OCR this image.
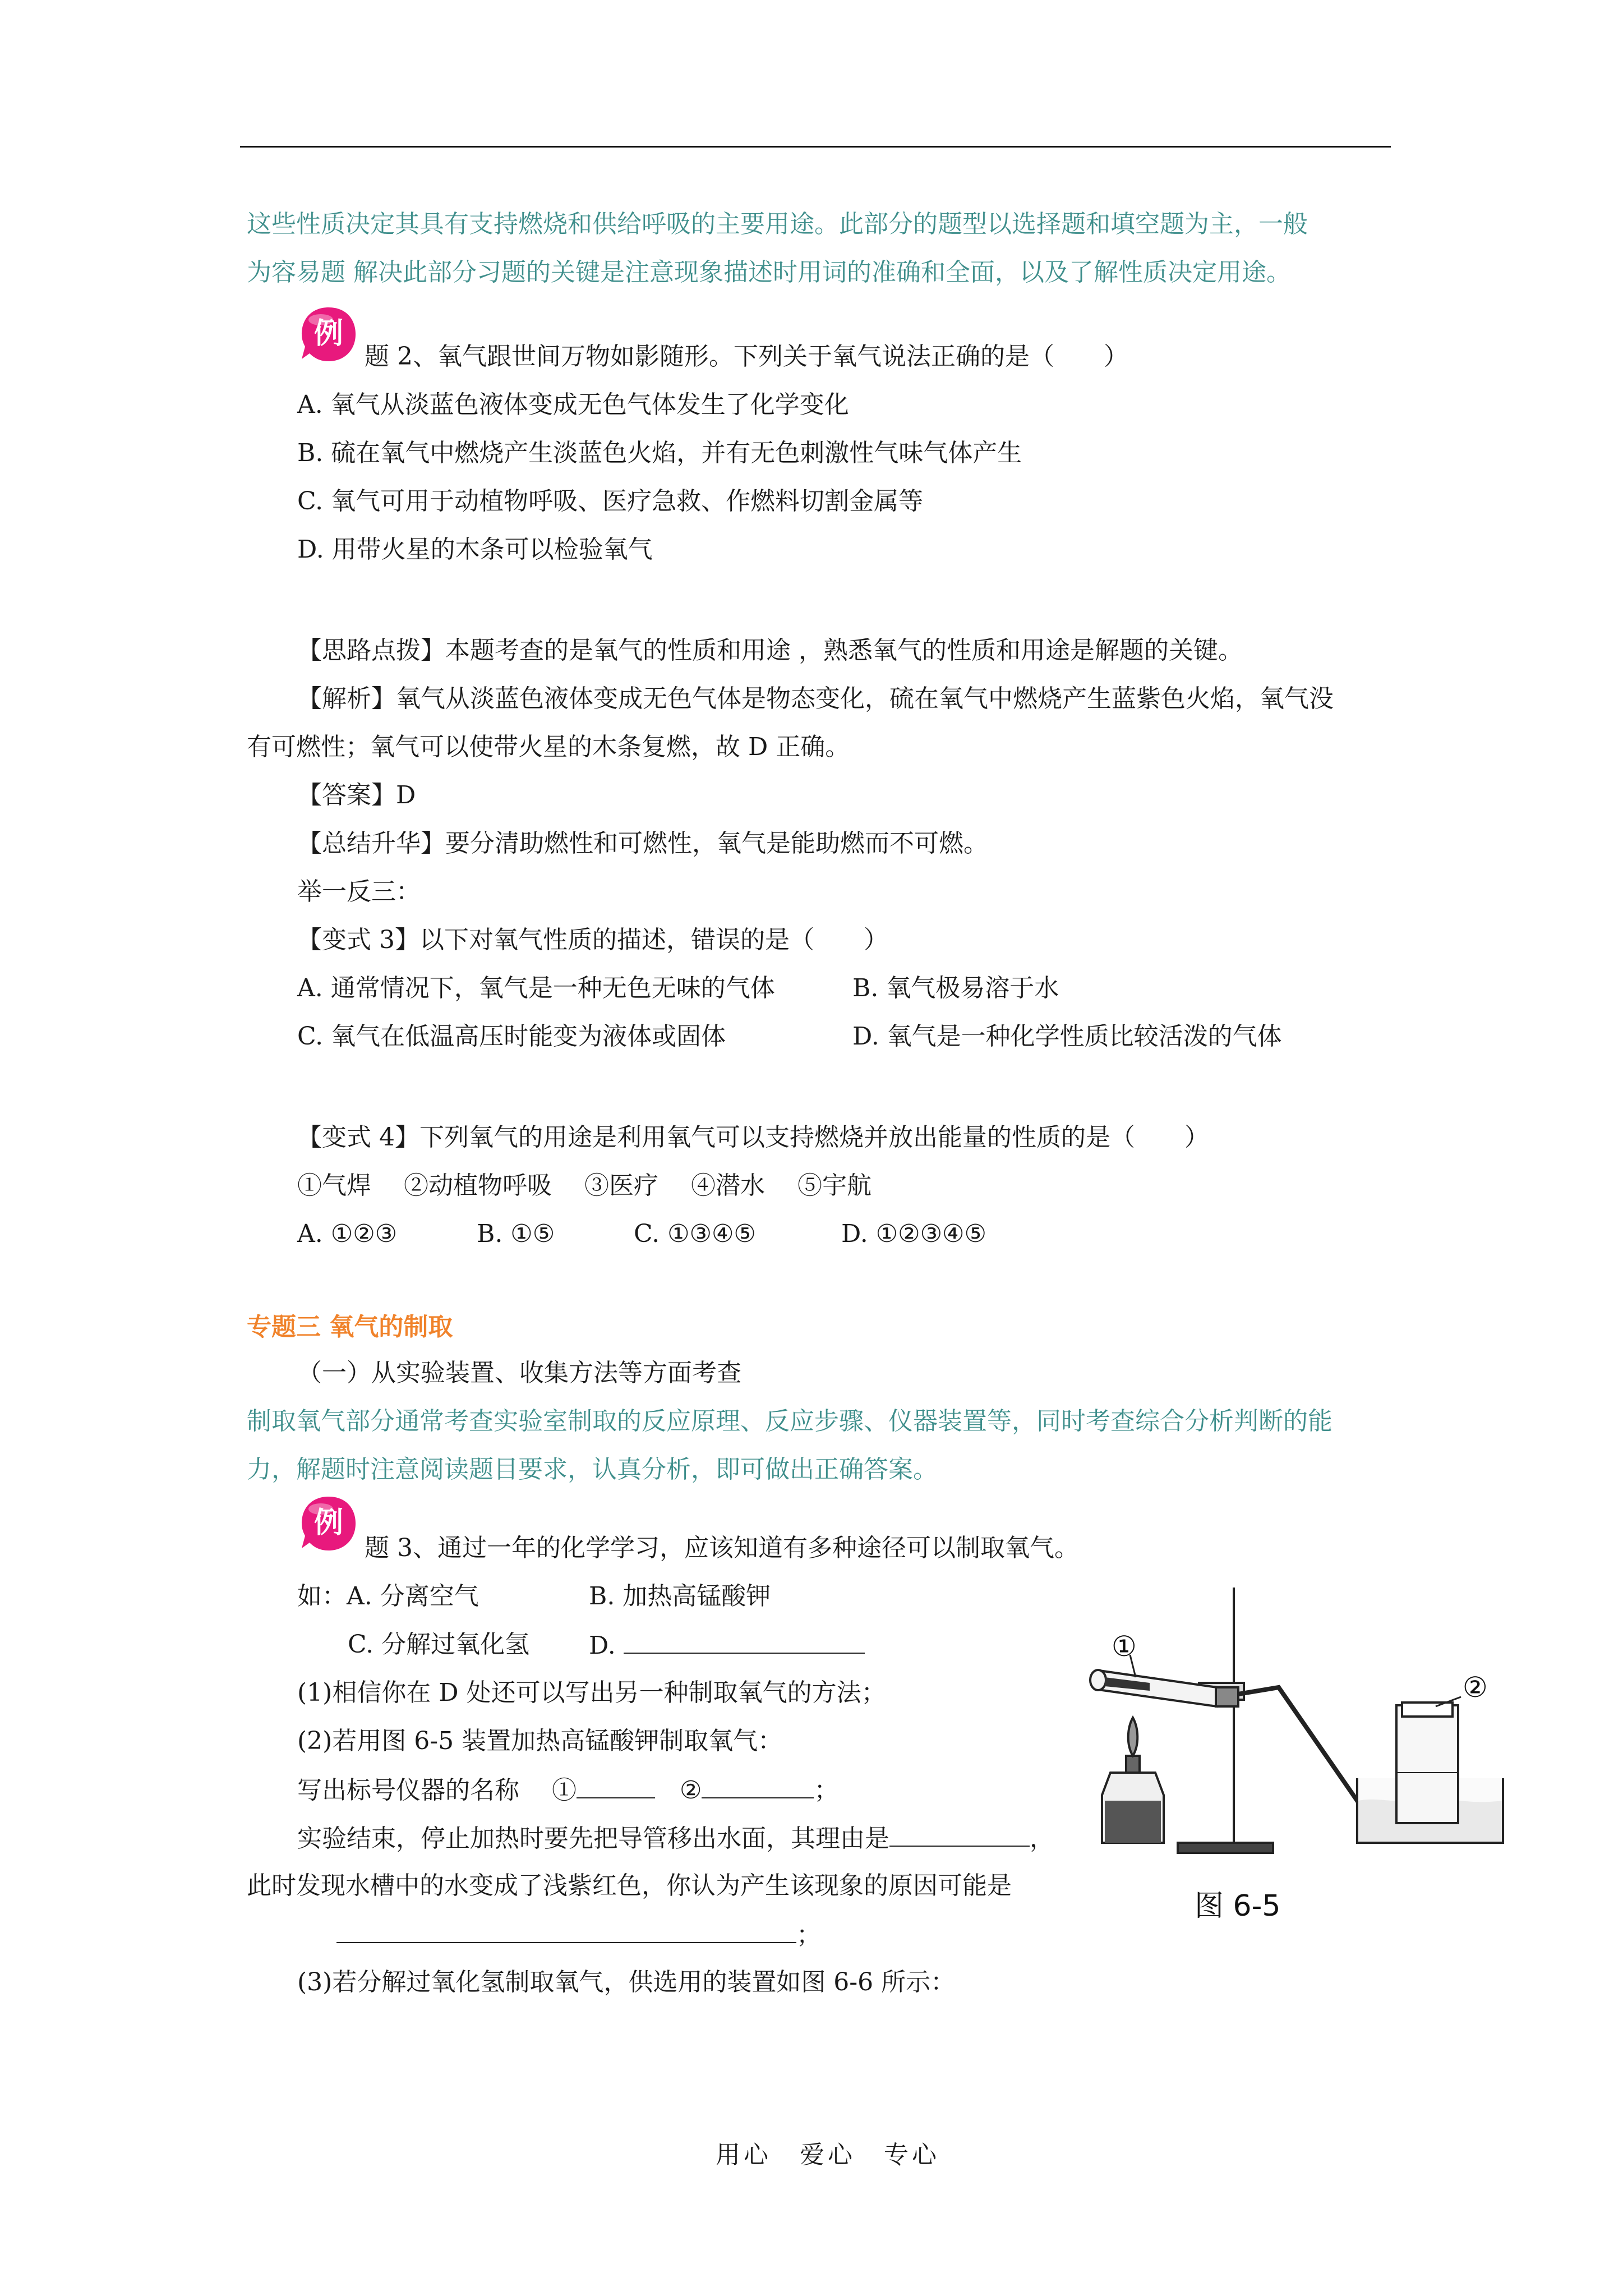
这些性质决定其具有支持燃烧和供给呼吸的主要用途。此部分的题型以选择题和填空题为主，一般
为容易题 解决此部分习题的关键是注意现象描述时用词的准确和全面，以及了解性质决定用途。
例
题 2、氧气跟世间万物如影随形。下列关于氧气说法正确的是（　　）
A. 氧气从淡蓝色液体变成无色气体发生了化学变化
B. 硫在氧气中燃烧产生淡蓝色火焰，并有无色刺激性气味气体产生
C. 氧气可用于动植物呼吸、医疗急救、作燃料切割金属等
D. 用带火星的木条可以检验氧气
【思路点拨】本题考查的是氧气的性质和用途 ，熟悉氧气的性质和用途是解题的关键。
【解析】氧气从淡蓝色液体变成无色气体是物态变化，硫在氧气中燃烧产生蓝紫色火焰，氧气没
有可燃性；氧气可以使带火星的木条复燃，故 D 正确。
【答案】D
【总结升华】要分清助燃性和可燃性，氧气是能助燃而不可燃。
举一反三：
【变式 3】以下对氧气性质的描述，错误的是（　　）
A. 通常情况下，氧气是一种无色无味的气体	B. 氧气极易溶于水
C. 氧气在低温高压时能变为液体或固体	D. 氧气是一种化学性质比较活泼的气体
【变式 4】下列氧气的用途是利用氧气可以支持燃烧并放出能量的性质的是（　　）
①气焊　 ②动植物呼吸　 ③医疗　 ④潜水　 ⑤宇航
A. ①②③	B. ①⑤	C. ①③④⑤	D. ①②③④⑤
专题三 氧气的制取
（一）从实验装置、收集方法等方面考查
制取氧气部分通常考查实验室制取的反应原理、反应步骤、仪器装置等，同时考查综合分析判断的能
力，解题时注意阅读题目要求，认真分析，即可做出正确答案。
例
题 3、通过一年的化学学习，应该知道有多种途径可以制取氧气。
如：A. 分离空气	B. 加热高锰酸钾
C. 分解过氧化氢 D.
(1)相信你在 D 处还可以写出另一种制取氧气的方法；
(2)若用图 6-5 装置加热高锰酸钾制取氧气：
写出标号仪器的名称　 ①	②	；
实验结束，停止加热时要先把导管移出水面，其理由是	，
此时发现水槽中的水变成了浅紫红色，你认为产生该现象的原因可能是
；
(3)若分解过氧化氢制取氧气，供选用的装置如图 6-6 所示：
①
②
图 6-5
用心　爱心　专心
